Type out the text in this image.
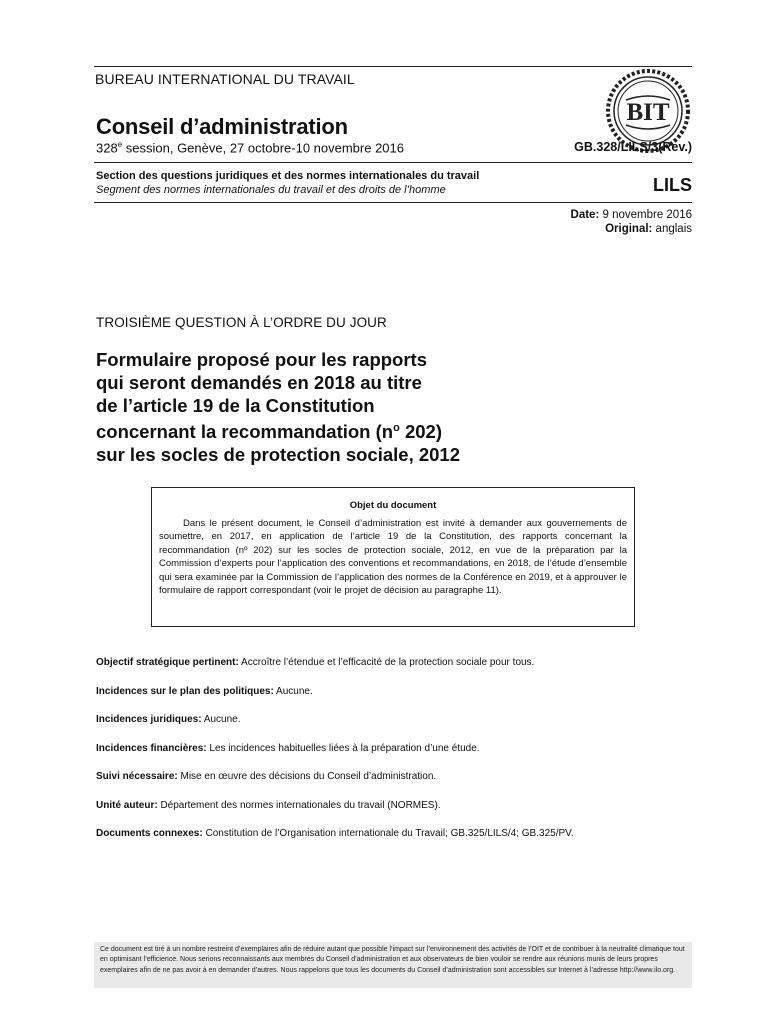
BUREAU INTERNATIONAL DU TRAVAIL
BIT
Conseil d’administration
328e session, Genève, 27 octobre-10 novembre 2016	GB.328/LILS/3(Rev.)
Section des questions juridiques et des normes internationales du travail
Segment des normes internationales du travail et des droits de l’homme	LILS
Date: 9 novembre 2016
Original: anglais
TROISIÈME QUESTION À L’ORDRE DU JOUR
Formulaire proposé pour les rapports
qui seront demandés en 2018 au titre
de l’article 19 de la Constitution
concernant la recommandation ($n^o$ 202)
sur les socles de protection sociale, 2012
Objet du document
Dans le présent document, le Conseil d’administration est invité à demander aux gouvernements de soumettre, en 2017, en application de l’article 19 de la Constitution, des rapports concernant la recommandation (nº 202) sur les socles de protection sociale, 2012, en vue de la préparation par la Commission d’experts pour l’application des conventions et recommandations, en 2018, de l’étude d’ensemble qui sera examinée par la Commission de l’application des normes de la Conférence en 2019, et à approuver le formulaire de rapport correspondant (voir le projet de décision au paragraphe 11).
Objectif stratégique pertinent: Accroître l’étendue et l’efficacité de la protection sociale pour tous.
Incidences sur le plan des politiques: Aucune.
Incidences juridiques: Aucune.
Incidences financières: Les incidences habituelles liées à la préparation d’une étude.
Suivi nécessaire: Mise en œuvre des décisions du Conseil d’administration.
Unité auteur: Département des normes internationales du travail (NORMES).
Documents connexes: Constitution de l’Organisation internationale du Travail; GB.325/LILS/4; GB.325/PV.
Ce document est tiré à un nombre restreint d’exemplaires afin de réduire autant que possible l’impact sur l’environnement des activités de l’OIT et de contribuer à la neutralité climatique tout en optimisant l’efficience. Nous serions reconnaissants aux membres du Conseil d’administration et aux observateurs de bien vouloir se rendre aux réunions munis de leurs propres exemplaires afin de ne pas avoir à en demander d’autres. Nous rappelons que tous les documents du Conseil d’administration sont accessibles sur Internet à l’adresse http://www.ilo.org.
